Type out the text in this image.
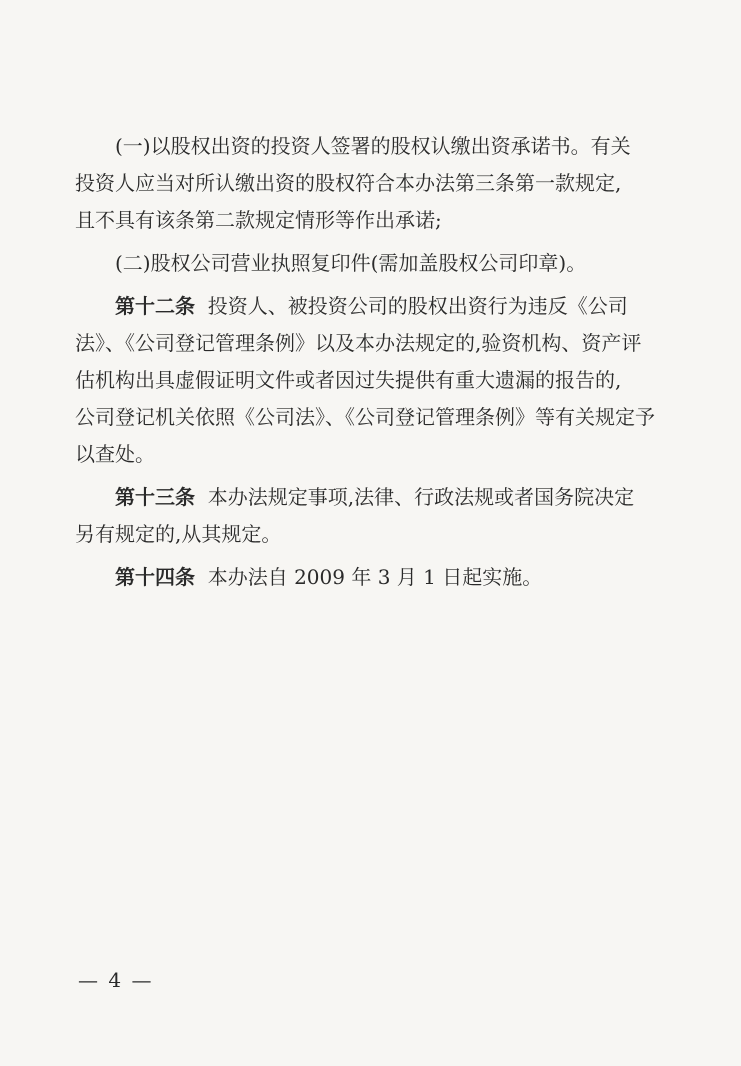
(一)以股权出资的投资人签署的股权认缴出资承诺书。有关
投资人应当对所认缴出资的股权符合本办法第三条第一款规定,
且不具有该条第二款规定情形等作出承诺;
(二)股权公司营业执照复印件(需加盖股权公司印章)。
第十二条 投资人、被投资公司的股权出资行为违反《公司
法》、《公司登记管理条例》以及本办法规定的,验资机构、资产评
估机构出具虚假证明文件或者因过失提供有重大遗漏的报告的,
公司登记机关依照《公司法》、《公司登记管理条例》等有关规定予
以查处。
第十三条 本办法规定事项,法律、行政法规或者国务院决定
另有规定的,从其规定。
第十四条 本办法自 2009 年 3 月 1 日起实施。
— 4 —
